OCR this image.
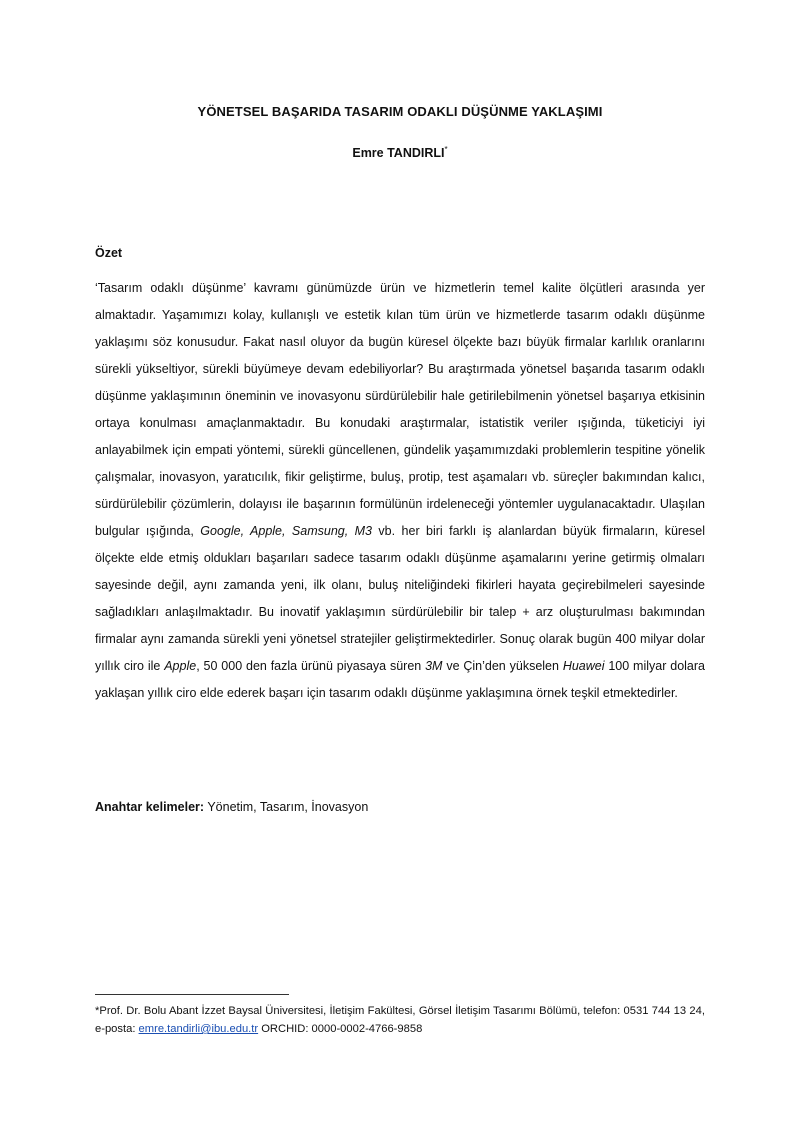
YÖNETSEL BAŞARIDA TASARIM ODAKLI DÜŞÜNME YAKLAŞIMI
Emre TANDIRLI*
Özet

‘Tasarım odaklı düşünme’ kavramı günümüzde ürün ve hizmetlerin temel kalite ölçütleri arasında yer almaktadır. Yaşamımızı kolay, kullanışlı ve estetik kılan tüm ürün ve hizmetlerde tasarım odaklı düşünme yaklaşımı söz konusudur. Fakat nasıl oluyor da bugün küresel ölçekte bazı büyük firmalar karlılık oranlarını sürekli yükseltiyor, sürekli büyümeye devam edebiliyorlar? Bu araştırmada yönetsel başarıda tasarım odaklı düşünme yaklaşımının öneminin ve inovasyonu sürdürülebilir hale getirilebilmenin yönetsel başarıya etkisinin ortaya konulması amaçlanmaktadır. Bu konudaki araştırmalar, istatistik veriler ışığında, tüketiciyi iyi anlayabilmek için empati yöntemi, sürekli güncellenen, gündelik yaşamımızdaki problemlerin tespitine yönelik çalışmalar, inovasyon, yaratıcılık, fikir geliştirme, buluş, protip, test aşamaları vb. süreçler bakımından kalıcı, sürdürülebilir çözümlerin, dolayısı ile başarının formülünün irdeleneceği yöntemler uygulanacaktadır. Ulaşılan bulgular ışığında, Google, Apple, Samsung, M3 vb. her biri farklı iş alanlardan büyük firmaların, küresel ölçekte elde etmiş oldukları başarıları sadece tasarım odaklı düşünme aşamalarını yerine getirmiş olmaları sayesinde değil, aynı zamanda yeni, ilk olanı, buluş niteliğindeki fikirleri hayata geçirebilmeleri sayesinde sağladıkları anlaşılmaktadır. Bu inovatif yaklaşımın sürdürülebilir bir talep + arz oluşturulması bakımından firmalar aynı zamanda sürekli yeni yönetsel stratejiler geliştirmektedirler. Sonuç olarak bugün 400 milyar dolar yıllık ciro ile Apple, 50 000 den fazla ürünü piyasaya süren 3M ve Çin’den yükselen Huawei 100 milyar dolara yaklaşan yıllık ciro elde ederek başarı için tasarım odaklı düşünme yaklaşımına örnek teşkil etmektedirler.

Anahtar kelimeler: Yönetim, Tasarım, İnovasyon
*Prof. Dr. Bolu Abant İzzet Baysal Üniversitesi, İletişim Fakültesi, Görsel İletişim Tasarımı Bölümü, telefon: 0531 744 13 24, e-posta: emre.tandirli@ibu.edu.tr ORCHID: 0000-0002-4766-9858
